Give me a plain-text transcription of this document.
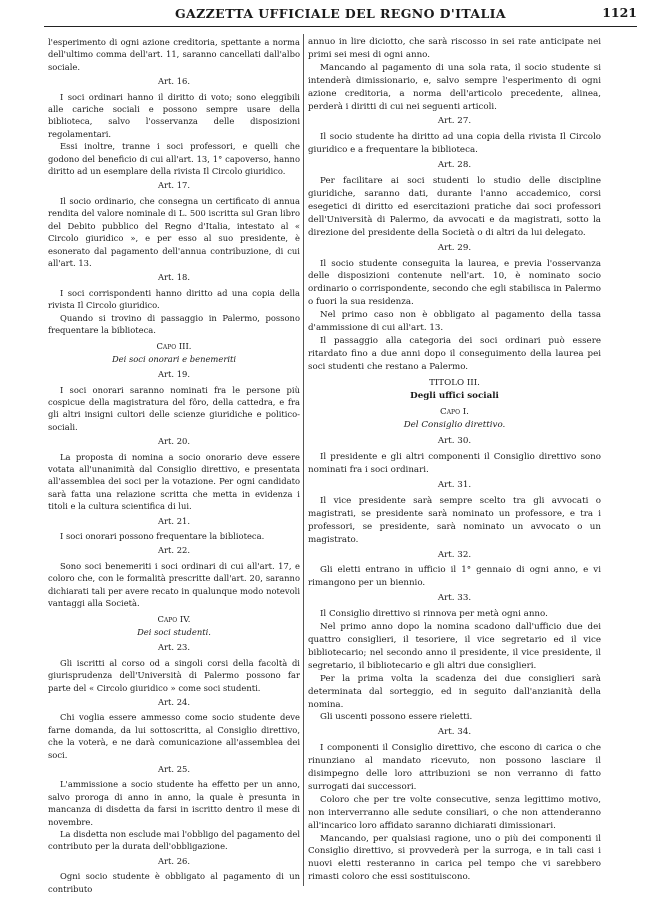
GAZZETTA UFFICIALE DEL REGNO D'ITALIA	1121

l'esperimento di ogni azione creditoria, spettante a norma dell'ultimo comma dell'art. 11, saranno cancellati dall'albo sociale.

Art. 16.

I soci ordinari hanno il diritto di voto; sono eleggibili alle cariche sociali e possono sempre usare della biblioteca, salvo l'osservanza delle disposizioni regolamentari.

Essi inoltre, tranne i soci professori, e quelli che godono del beneficio di cui all'art. 13, 1° capoverso, hanno diritto ad un esemplare della rivista Il Circolo giuridico.

Art. 17.

Il socio ordinario, che consegna un certificato di annua rendita del valore nominale di L. 500 iscritta sul Gran libro del Debito pubblico del Regno d'Italia, intestato al « Circolo giuridico », e per esso al suo presidente, è esonerato dal pagamento dell'annua contribuzione, di cui all'art. 13.

Art. 18.

I soci corrispondenti hanno diritto ad una copia della rivista Il Circolo giuridico.

Quando si trovino di passaggio in Palermo, possono frequentare la biblioteca.

Capo III.

Dei soci onorari e benemeriti

Art. 19.

I soci onorari saranno nominati fra le persone più cospicue della magistratura del fôro, della cattedra, e fra gli altri insigni cultori delle scienze giuridiche e politico-sociali.

Art. 20.

La proposta di nomina a socio onorario deve essere votata all'unanimità dal Consiglio direttivo, e presentata all'assemblea dei soci per la votazione. Per ogni candidato sarà fatta una relazione scritta che metta in evidenza i titoli e la cultura scientifica di lui.

Art. 21.

I soci onorari possono frequentare la biblioteca.

Art. 22.

Sono soci benemeriti i soci ordinari di cui all'art. 17, e coloro che, con le formalità prescritte dall'art. 20, saranno dichiarati tali per avere recato in qualunque modo notevoli vantaggi alla Società.

Capo IV.

Dei soci studenti.

Art. 23.

Gli iscritti al corso od a singoli corsi della facoltà di giurisprudenza dell'Università di Palermo possono far parte del « Circolo giuridico » come soci studenti.

Art. 24.

Chi voglia essere ammesso come socio studente deve farne domanda, da lui sottoscritta, al Consiglio direttivo, che la voterà, e ne darà comunicazione all'assemblea dei soci.

Art. 25.

L'ammissione a socio studente ha effetto per un anno, salvo proroga di anno in anno, la quale è presunta in mancanza di disdetta da farsi in iscritto dentro il mese di novembre.

La disdetta non esclude mai l'obbligo del pagamento del contributo per la durata dell'obbligazione.

Art. 26.

Ogni socio studente è obbligato al pagamento di un contributo

annuo in lire diciotto, che sarà riscosso in sei rate anticipate nei primi sei mesi di ogni anno.

Mancando al pagamento di una sola rata, il socio studente si intenderà dimissionario, e, salvo sempre l'esperimento di ogni azione creditoria, a norma dell'articolo precedente, alinea, perderà i diritti di cui nei seguenti articoli.

Art. 27.

Il socio studente ha diritto ad una copia della rivista Il Circolo giuridico e a frequentare la biblioteca.

Art. 28.

Per facilitare ai soci studenti lo studio delle discipline giuridiche, saranno dati, durante l'anno accademico, corsi esegetici di diritto ed esercitazioni pratiche dai soci professori dell'Università di Palermo, da avvocati e da magistrati, sotto la direzione del presidente della Società o di altri da lui delegato.

Art. 29.

Il socio studente conseguita la laurea, e previa l'osservanza delle disposizioni contenute nell'art. 10, è nominato socio ordinario o corrispondente, secondo che egli stabilisca in Palermo o fuori la sua residenza.

Nel primo caso non è obbligato al pagamento della tassa d'ammissione di cui all'art. 13.

Il passaggio alla categoria dei soci ordinari può essere ritardato fino a due anni dopo il conseguimento della laurea pei soci studenti che restano a Palermo.

TITOLO III.

Degli uffici sociali

Capo I.

Del Consiglio direttivo.

Art. 30.

Il presidente e gli altri componenti il Consiglio direttivo sono nominati fra i soci ordinari.

Art. 31.

Il vice presidente sarà sempre scelto tra gli avvocati o magistrati, se presidente sarà nominato un professore, e tra i professori, se presidente, sarà nominato un avvocato o un magistrato.

Art. 32.

Gli eletti entrano in ufficio il 1° gennaio di ogni anno, e vi rimangono per un biennio.

Art. 33.

Il Consiglio direttivo si rinnova per metà ogni anno.

Nel primo anno dopo la nomina scadono dall'ufficio due dei quattro consiglieri, il tesoriere, il vice segretario ed il vice bibliotecario; nel secondo anno il presidente, il vice presidente, il segretario, il bibliotecario e gli altri due consiglieri.

Per la prima volta la scadenza dei due consiglieri sarà determinata dal sorteggio, ed in seguito dall'anzianità della nomina.

Gli uscenti possono essere rieletti.

Art. 34.

I componenti il Consiglio direttivo, che escono di carica o che rinunziano al mandato ricevuto, non possono lasciare il disimpegno delle loro attribuzioni se non verranno di fatto surrogati dai successori.

Coloro che per tre volte consecutive, senza legittimo motivo, non interverranno alle sedute consiliari, o che non attenderanno all'incarico loro affidato saranno dichiarati dimissionari.

Mancando, per qualsiasi ragione, uno o più dei componenti il Consiglio direttivo, si provvederà per la surroga, e in tali casi i nuovi eletti resteranno in carica pel tempo che vi sarebbero rimasti coloro che essi sostituiscono.
